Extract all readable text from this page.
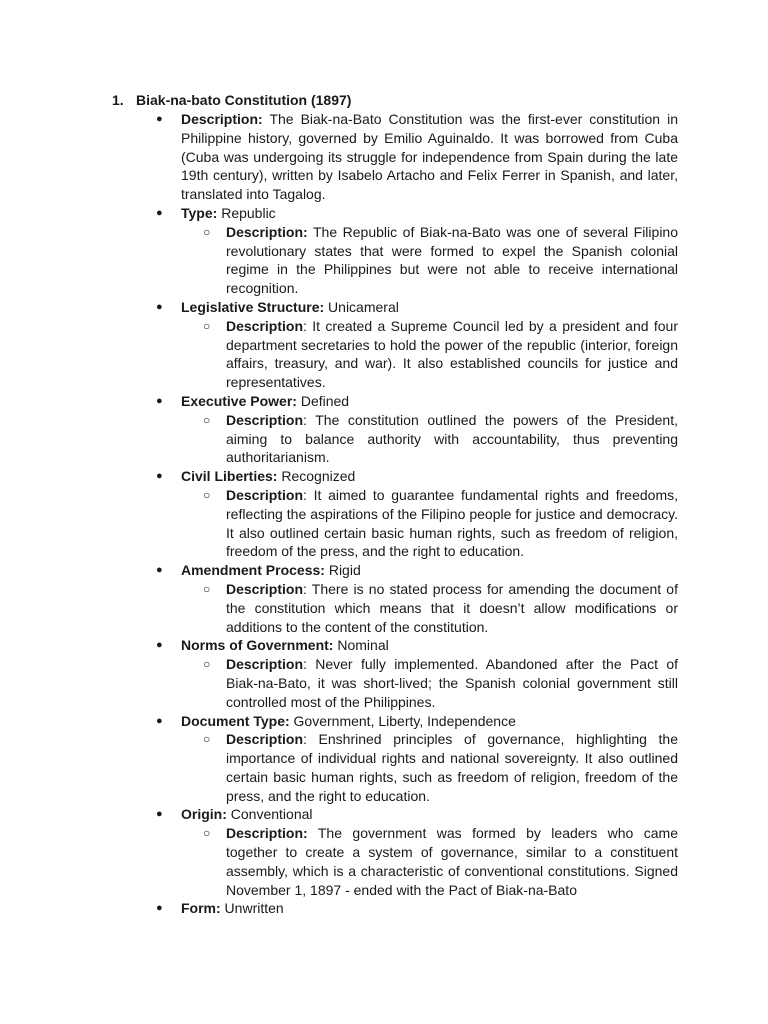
1. Biak-na-bato Constitution (1897)
● Description: The Biak-na-Bato Constitution was the first-ever constitution in Philippine history, governed by Emilio Aguinaldo. It was borrowed from Cuba (Cuba was undergoing its struggle for independence from Spain during the late 19th century), written by Isabelo Artacho and Felix Ferrer in Spanish, and later, translated into Tagalog.
● Type: Republic
○ Description: The Republic of Biak-na-Bato was one of several Filipino revolutionary states that were formed to expel the Spanish colonial regime in the Philippines but were not able to receive international recognition.
● Legislative Structure: Unicameral
○ Description: It created a Supreme Council led by a president and four department secretaries to hold the power of the republic (interior, foreign affairs, treasury, and war). It also established councils for justice and representatives.
● Executive Power: Defined
○ Description: The constitution outlined the powers of the President, aiming to balance authority with accountability, thus preventing authoritarianism.
● Civil Liberties: Recognized
○ Description: It aimed to guarantee fundamental rights and freedoms, reflecting the aspirations of the Filipino people for justice and democracy. It also outlined certain basic human rights, such as freedom of religion, freedom of the press, and the right to education.
● Amendment Process: Rigid
○ Description: There is no stated process for amending the document of the constitution which means that it doesn’t allow modifications or additions to the content of the constitution.
● Norms of Government: Nominal
○ Description: Never fully implemented. Abandoned after the Pact of Biak-na-Bato, it was short-lived; the Spanish colonial government still controlled most of the Philippines.
● Document Type: Government, Liberty, Independence
○ Description: Enshrined principles of governance, highlighting the importance of individual rights and national sovereignty. It also outlined certain basic human rights, such as freedom of religion, freedom of the press, and the right to education.
● Origin: Conventional
○ Description: The government was formed by leaders who came together to create a system of governance, similar to a constituent assembly, which is a characteristic of conventional constitutions. Signed November 1, 1897 - ended with the Pact of Biak-na-Bato
● Form: Unwritten
